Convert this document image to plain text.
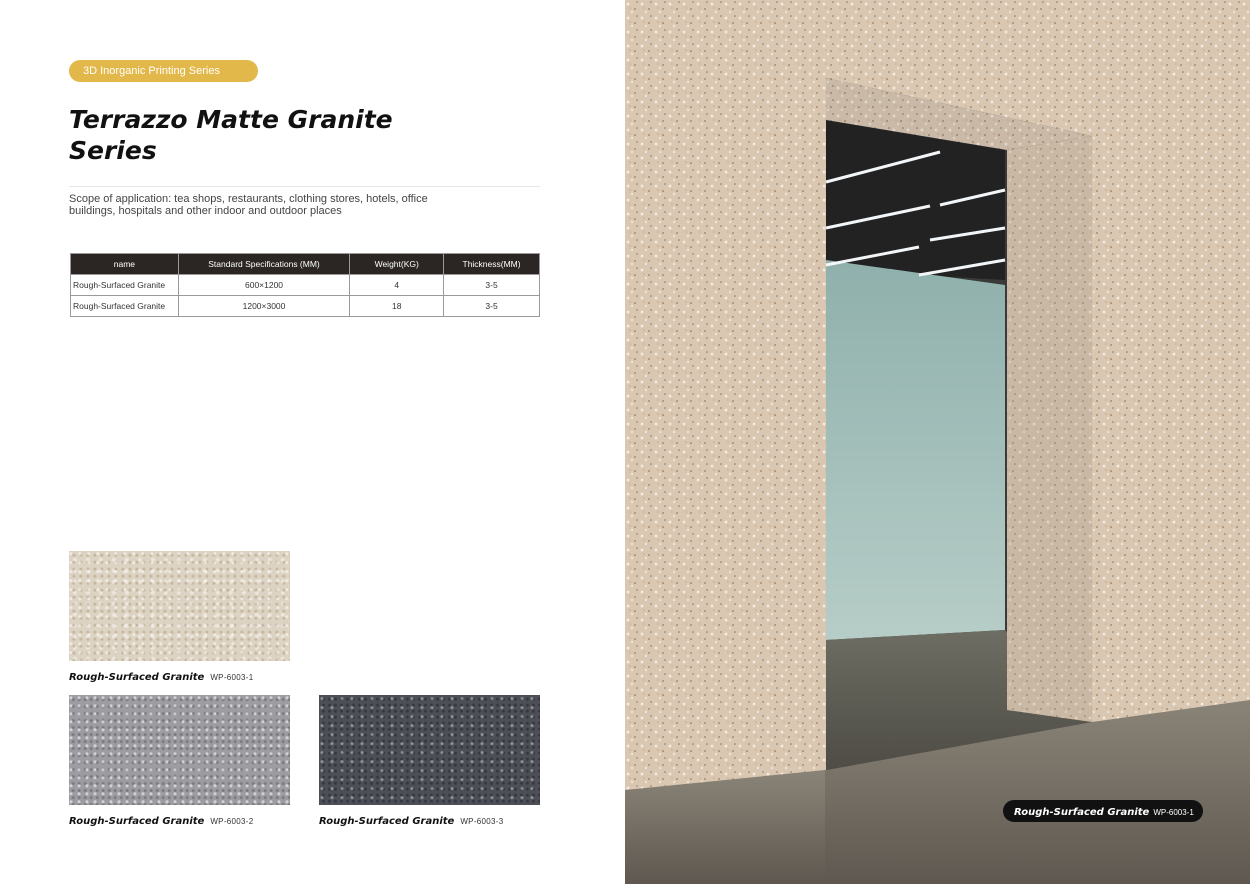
3D Inorganic Printing Series
Terrazzo Matte Granite
Series
Scope of application: tea shops, restaurants, clothing stores, hotels, office buildings, hospitals and other indoor and outdoor places
name	Standard Specifications (MM)	Weight(KG)	Thickness(MM)
Rough-Surfaced Granite	600×1200	4	3-5
Rough-Surfaced Granite	1200×3000	18	3-5
Rough-Surfaced Granite WP-6003-1
Rough-Surfaced Granite WP-6003-2	Rough-Surfaced Granite WP-6003-3
Rough-Surfaced Granite WP-6003-1
